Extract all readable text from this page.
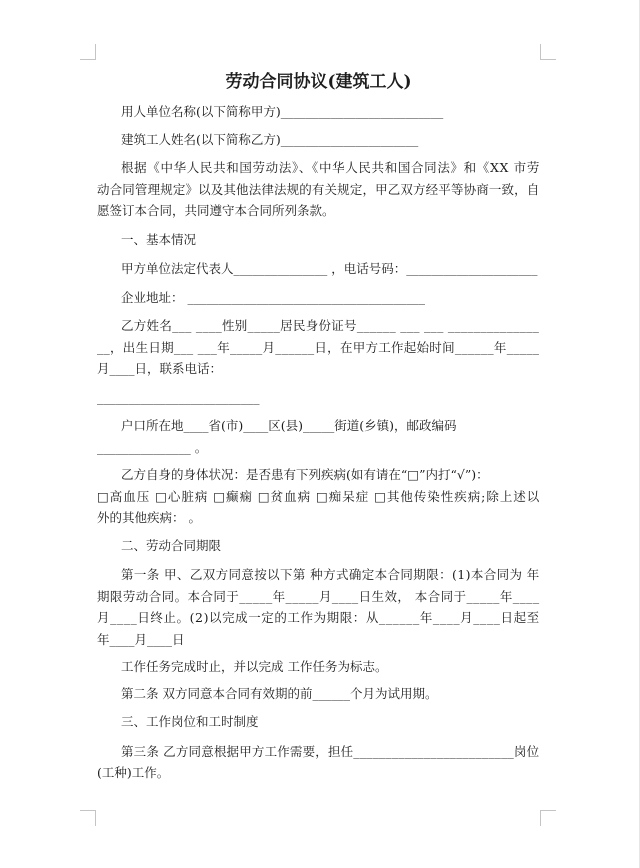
劳动合同协议(建筑工人)
用人单位名称(以下简称甲方)__________________________
建筑工人姓名(以下简称乙方)______________________
根据《中华人民共和国劳动法》、《中华人民共和国合同法》和《XX 市劳
动合同管理规定》以及其他法律法规的有关规定，甲乙双方经平等协商一致，自
愿签订本合同，共同遵守本合同所列条款。
一、基本情况
甲方单位法定代表人_______________ ，电话号码：_____________________
企业地址： ______________________________________
乙方姓名___ ____性别_____居民身份证号______ ___ ___ ______________
__，出生日期___ ___年_____月______日，在甲方工作起始时间______年_____
月____日，联系电话：
__________________________
户口所在地____省(市)____区(县)_____街道(乡镇)，邮政编码
_______________ 。
乙方自身的身体状况：是否患有下列疾病(如有请在“□”内打“√”)：
□高血压 □心脏病 □癫痫 □贫血病 □痴呆症 □其他传染性疾病;除上述以
外的其他疾病： 。
二、劳动合同期限
第一条 甲、乙双方同意按以下第 种方式确定本合同期限：(1)本合同为 年
期限劳动合同。本合同于_____年_____月____日生效， 本合同于_____年____
月____日终止。(2)以完成一定的工作为期限：从______年____月____日起至
年____月____日
工作任务完成时止，并以完成 工作任务为标志。
第二条 双方同意本合同有效期的前______个月为试用期。
三、工作岗位和工时制度
第三条 乙方同意根据甲方工作需要，担任_________________________岗位
(工种)工作。
